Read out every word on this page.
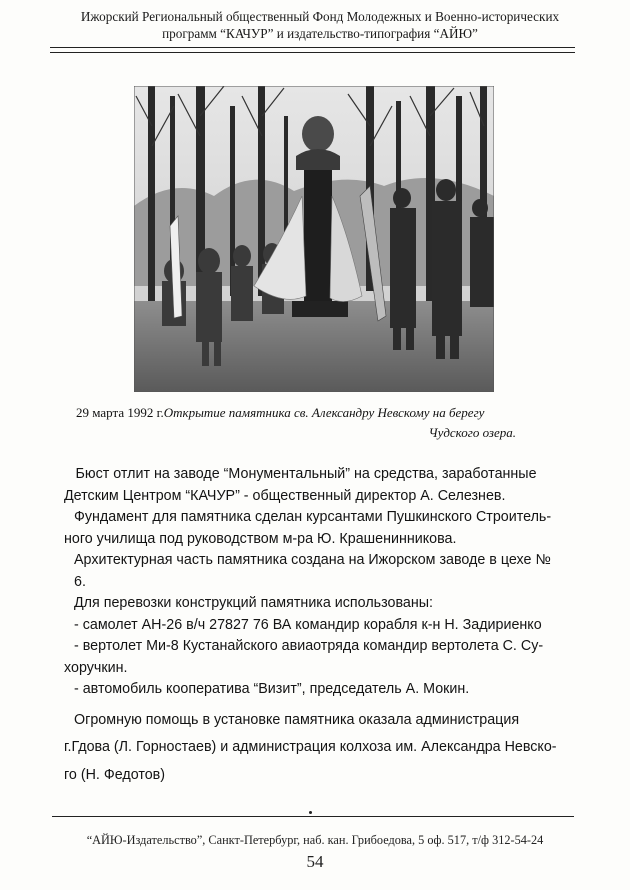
Ижорский Региональный общественный Фонд Молодежных и Военно-исторических
программ “КАЧУР” и издательство-типография “АЙЮ”
29 марта 1992 г.Открытие памятника св. Александру Невскому на берегу
Чудского озера.

Бюст отлит на заводе “Монументальный” на средства, заработанные

Детским Центром “КАЧУР” - общественный директор А. Селезнев.

Фундамент для памятника сделан курсантами Пушкинского Строитель-

ного училища под руководством м-ра Ю. Крашенинникова.

Архитектурная часть памятника создана на Ижорском заводе в цехе № 6.

Для перевозки конструкций памятника использованы:

- самолет АН-26 в/ч 27827 76 ВА командир корабля к-н Н. Задириенко

- вертолет Ми-8 Кустанайского авиаотряда командир вертолета С. Су-

хоручкин.

- автомобиль кооператива “Визит”, председатель А. Мокин.

Огромную помощь в установке памятника оказала администрация

г.Гдова (Л. Горностаев) и администрация колхоза им. Александра Невско-

го (Н. Федотов)

“АЙЮ-Издательство”, Санкт-Петербург, наб. кан. Грибоедова, 5 оф. 517, т/ф 312-54-24
54
